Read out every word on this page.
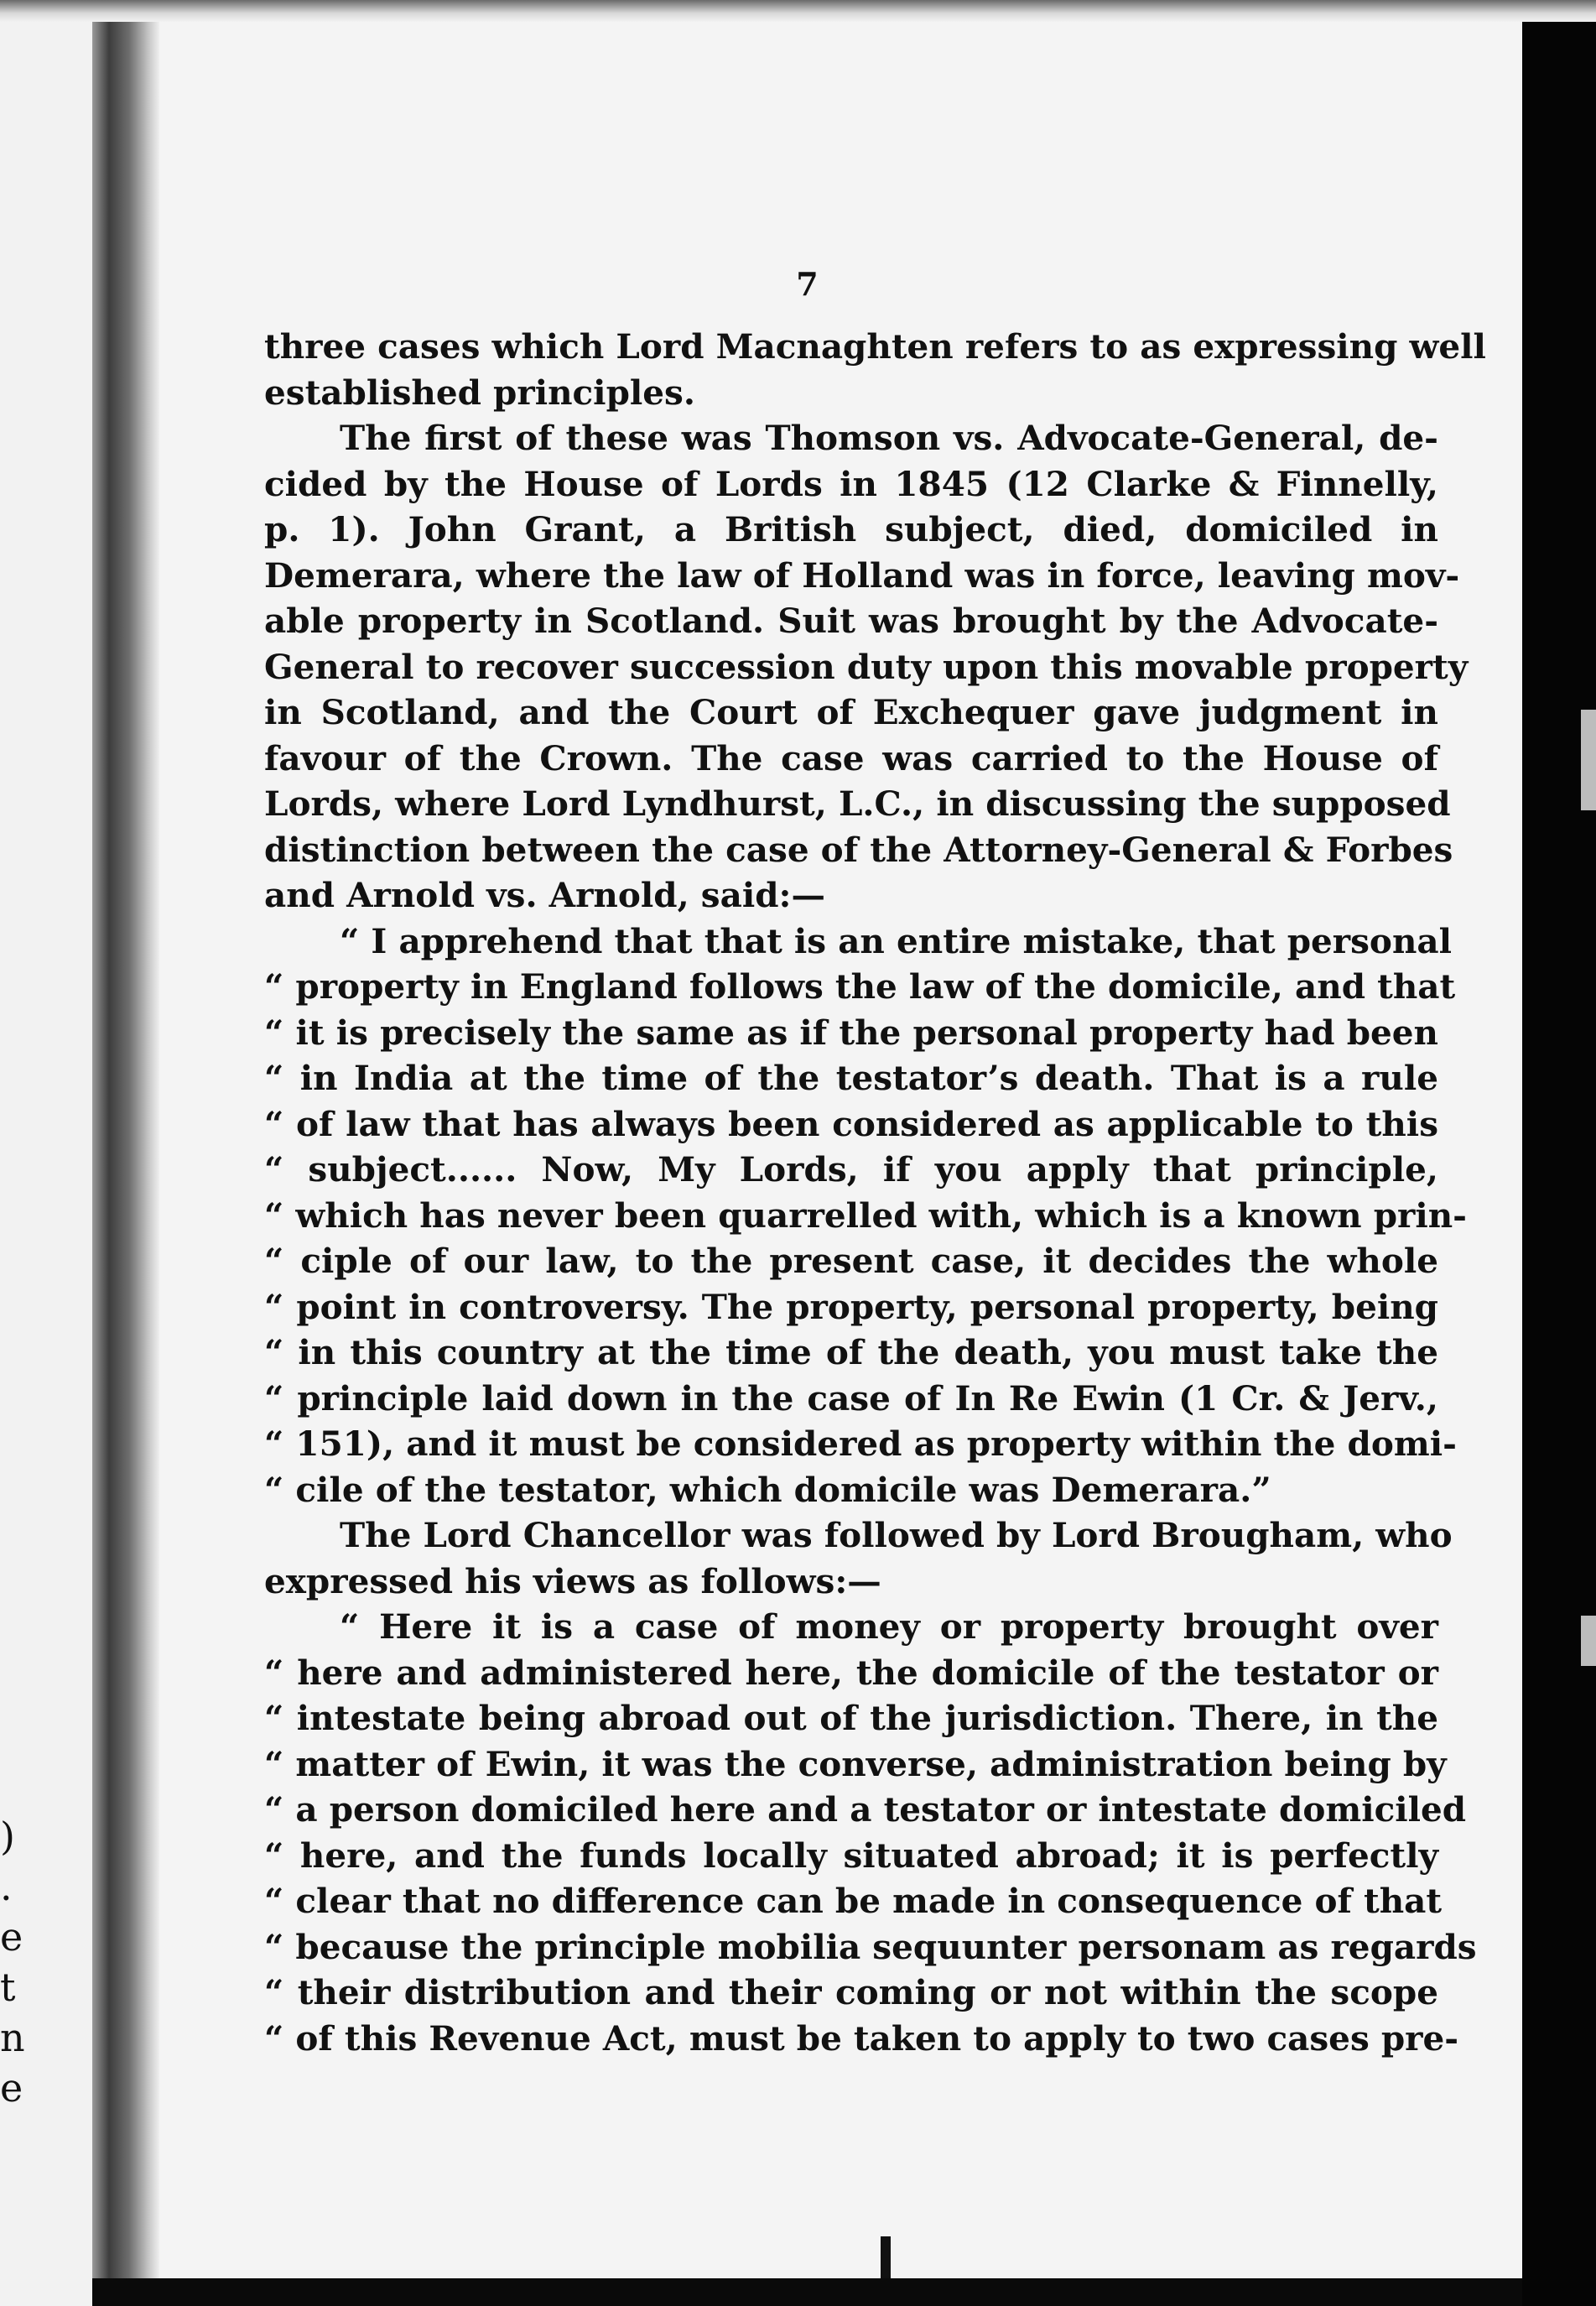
)
.
e
t
n
e
7
three cases which Lord Macnaghten refers to as expressing well
established principles.
The first of these was Thomson vs. Advocate-General, de-
cided by the House of Lords in 1845 (12 Clarke & Finnelly,
p. 1). John Grant, a British subject, died, domiciled in
Demerara, where the law of Holland was in force, leaving mov-
able property in Scotland. Suit was brought by the Advocate-
General to recover succession duty upon this movable property
in Scotland, and the Court of Exchequer gave judgment in
favour of the Crown. The case was carried to the House of
Lords, where Lord Lyndhurst, L.C., in discussing the supposed
distinction between the case of the Attorney-General & Forbes
and Arnold vs. Arnold, said:—
“ I apprehend that that is an entire mistake, that personal
“ property in England follows the law of the domicile, and that
“ it is precisely the same as if the personal property had been
“ in India at the time of the testator’s death. That is a rule
“ of law that has always been considered as applicable to this
“ subject...... Now, My Lords, if you apply that principle,
“ which has never been quarrelled with, which is a known prin-
“ ciple of our law, to the present case, it decides the whole
“ point in controversy. The property, personal property, being
“ in this country at the time of the death, you must take the
“ principle laid down in the case of In Re Ewin (1 Cr. & Jerv.,
“ 151), and it must be considered as property within the domi-
“ cile of the testator, which domicile was Demerara.”
The Lord Chancellor was followed by Lord Brougham, who
expressed his views as follows:—
“ Here it is a case of money or property brought over
“ here and administered here, the domicile of the testator or
“ intestate being abroad out of the jurisdiction. There, in the
“ matter of Ewin, it was the converse, administration being by
“ a person domiciled here and a testator or intestate domiciled
“ here, and the funds locally situated abroad; it is perfectly
“ clear that no difference can be made in consequence of that
“ because the principle mobilia sequunter personam as regards
“ their distribution and their coming or not within the scope
“ of this Revenue Act, must be taken to apply to two cases pre-
